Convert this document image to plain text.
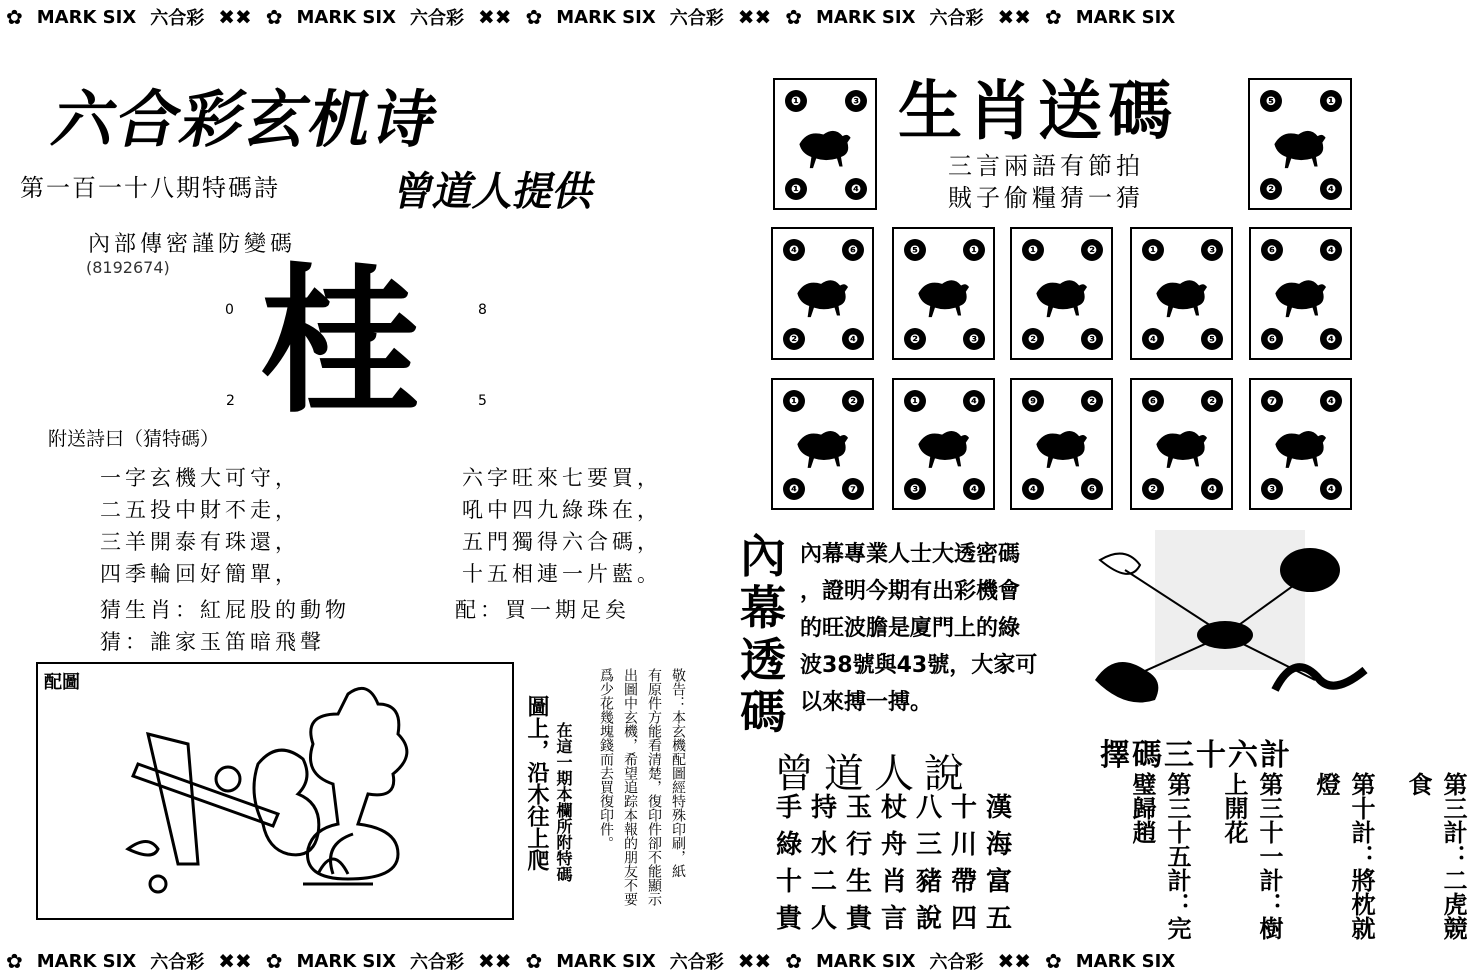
✿ MARK SIX 六合彩 ✖✖ ✿ MARK SIX 六合彩 ✖✖ ✿ MARK SIX 六合彩 ✖✖ ✿ MARK SIX 六合彩 ✖✖ ✿ MARK SIX
✿ MARK SIX 六合彩 ✖✖ ✿ MARK SIX 六合彩 ✖✖ ✿ MARK SIX 六合彩 ✖✖ ✿ MARK SIX 六合彩 ✖✖ ✿ MARK SIX
六合彩玄机诗
第一百一十八期特碼詩	曾道人提供
內部傳密謹防變碼
(8192674)
0	8
2	5
桂
附送詩曰（猜特碼）
一字玄機大可守，
二五投中財不走，
三羊開泰有珠還，
四季輪回好簡單，
六字旺來七要買，
吼中四九綠珠在，
五門獨得六合碼，
十五相連一片藍。
猜生肖：紅屁股的動物	配：買一期足矣
猜：誰家玉笛暗飛聲
配圖
在這一期本欄所附特碼
圖上，沿木往上爬	敬告：本玄機配圖經特殊印刷，紙
有原件方能看清楚，復印件卻不能顯示
出圖中玄機，希望追踪本報的朋友不要
爲少花幾塊錢而去買復印件。
生肖送碼
三言兩語有節拍
賊子偷糧猜一猜
❶	❸
❶	❹
❺	❶
❷	❹
❹	❻
❷	❹
❺	❶
❷	❸
❶	❷
❷	❸
❶	❸
❹	❺
❻	❹
❻	❹
❶	❷
❹	❼
❶	❹
❸	❹
❾	❷
❹	❻
❻	❷
❷	❹
❼	❹
❸	❹
內幕透碼
內幕專業人士大透密碼
，證明今期有出彩機會
的旺波膽是廈門上的綠
波38號與43號，大家可
以來搏一搏。
曾道人說
手持玉杖八十漢
綠水行舟三川海
十二生肖豬帶富
貴人貴言說四五
擇碼三十六計
第三計：二虎競食
第十計：將枕就燈
第三十一計：樹上開花
第三十五計：完璧歸趙
